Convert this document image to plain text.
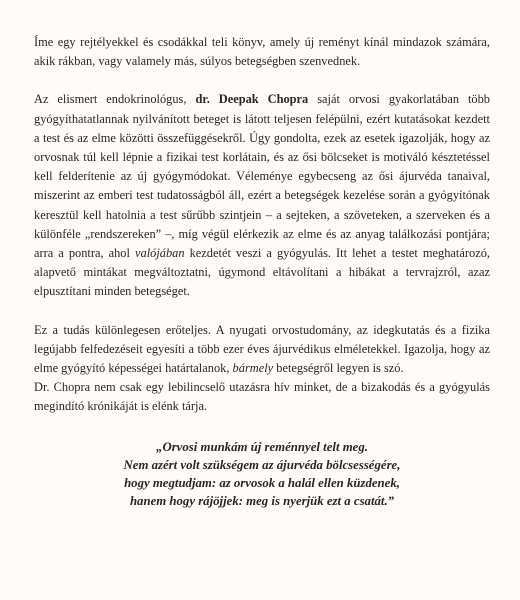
Íme egy rejtélyekkel és csodákkal teli könyv, amely új reményt kínál mindazok számára, akik rákban, vagy valamely más, súlyos betegségben szenvednek.

Az elismert endokrinológus, dr. Deepak Chopra saját orvosi gyakorlatában több gyógyíthatatlannak nyilvánított beteget is látott teljesen felépülni, ezért kutatásokat kezdett a test és az elme közötti összefüggésekről. Úgy gondolta, ezek az esetek igazolják, hogy az orvosnak túl kell lépnie a fizikai test korlátain, és az ősi bölcseket is motiváló késztetéssel kell felderítenie az új gyógymódokat. Véleménye egybecseng az ősi ájurvéda tanaival, miszerint az emberi test tudatosságból áll, ezért a betegségek kezelése során a gyógyítónak keresztül kell hatolnia a test sűrűbb szintjein – a sejteken, a szöveteken, a szerveken és a különféle „rendszereken” –, míg végül elérkezik az elme és az anyag találkozási pontjára; arra a pontra, ahol valójában kezdetét veszi a gyógyulás. Itt lehet a testet meghatározó, alapvető mintákat megváltoztatni, úgymond eltávolítani a hibákat a tervrajzról, azaz elpusztítani minden betegséget.

Ez a tudás különlegesen erőteljes. A nyugati orvostudomány, az idegkutatás és a fizika legújabb felfedezéseit egyesíti a több ezer éves ájurvédikus elméletekkel. Igazolja, hogy az elme gyógyító képességei határtalanok, bármely betegségről legyen is szó.

Dr. Chopra nem csak egy lebilincselő utazásra hív minket, de a bizakodás és a gyógyulás megindító krónikáját is elénk tárja.

„Orvosi munkám új reménnyel telt meg.
Nem azért volt szükségem az ájurvéda bölcsességére,
hogy megtudjam: az orvosok a halál ellen küzdenek,
hanem hogy rájöjjek: meg is nyerjük ezt a csatát.”
